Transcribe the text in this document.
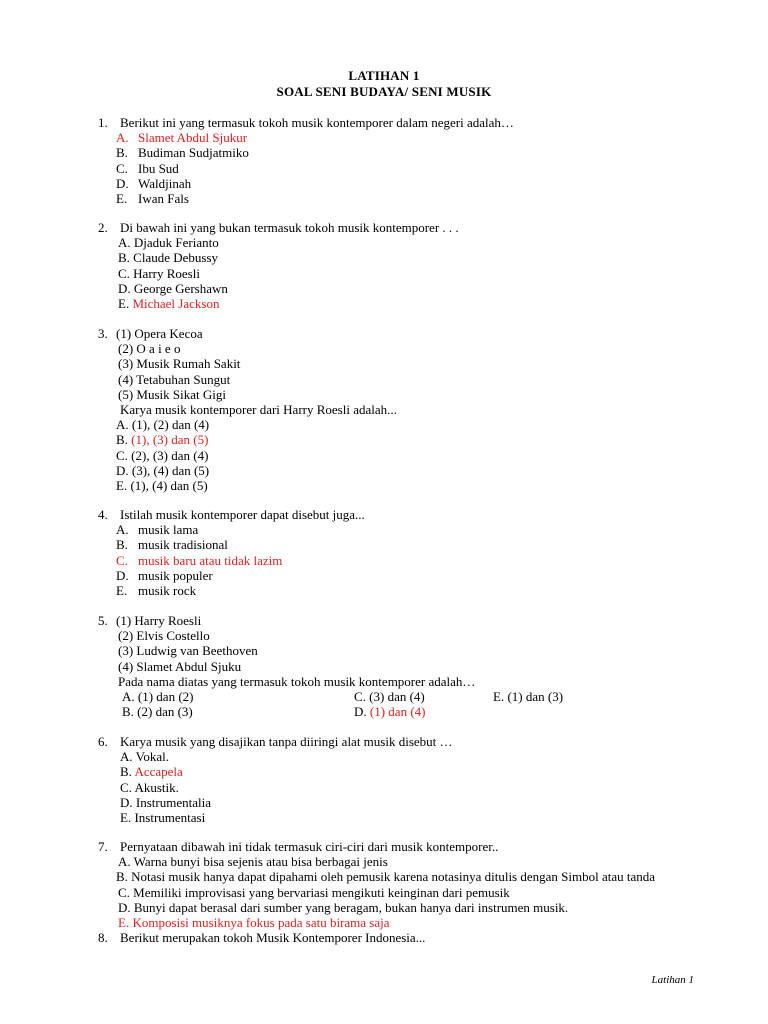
LATIHAN 1
SOAL SENI BUDAYA/ SENI MUSIK
1. Berikut ini yang termasuk tokoh musik kontemporer dalam negeri adalah…
A. Slamet Abdul Sjukur
B. Budiman Sudjatmiko
C. Ibu Sud
D. Waldjinah
E. Iwan Fals
2. Di bawah ini yang bukan termasuk tokoh musik kontemporer . . .
A. Djaduk Ferianto
B. Claude Debussy
C. Harry Roesli
D. George Gershawn
E. Michael Jackson
3. (1) Opera Kecoa
(2) O a i e o
(3) Musik Rumah Sakit
(4) Tetabuhan Sungut
(5) Musik Sikat Gigi
Karya musik kontemporer dari Harry Roesli adalah...
A. (1), (2) dan (4)
B. (1), (3) dan (5)
C. (2), (3) dan (4)
D. (3), (4) dan (5)
E. (1), (4) dan (5)
4. Istilah musik kontemporer dapat disebut juga...
A. musik lama
B. musik tradisional
C. musik baru atau tidak lazim
D. musik populer
E. musik rock
5. (1) Harry Roesli
(2) Elvis Costello
(3) Ludwig van Beethoven
(4) Slamet Abdul Sjuku
Pada nama diatas yang termasuk tokoh musik kontemporer adalah…
A. (1) dan (2)	C. (3) dan (4)	E. (1) dan (3)
B. (2) dan (3)	D. (1) dan (4)
6. Karya musik yang disajikan tanpa diiringi alat musik disebut …
A. Vokal.
B. Accapela
C. Akustik.
D. Instrumentalia
E. Instrumentasi
7. Pernyataan dibawah ini tidak termasuk ciri-ciri dari musik kontemporer..
A. Warna bunyi bisa sejenis atau bisa berbagai jenis
B. Notasi musik hanya dapat dipahami oleh pemusik karena notasinya ditulis dengan Simbol atau tanda
C. Memiliki improvisasi yang bervariasi mengikuti keinginan dari pemusik
D. Bunyi dapat berasal dari sumber yang beragam, bukan hanya dari instrumen musik.
E. Komposisi musiknya fokus pada satu birama saja
8. Berikut merupakan tokoh Musik Kontemporer Indonesia...
Latihan 1
